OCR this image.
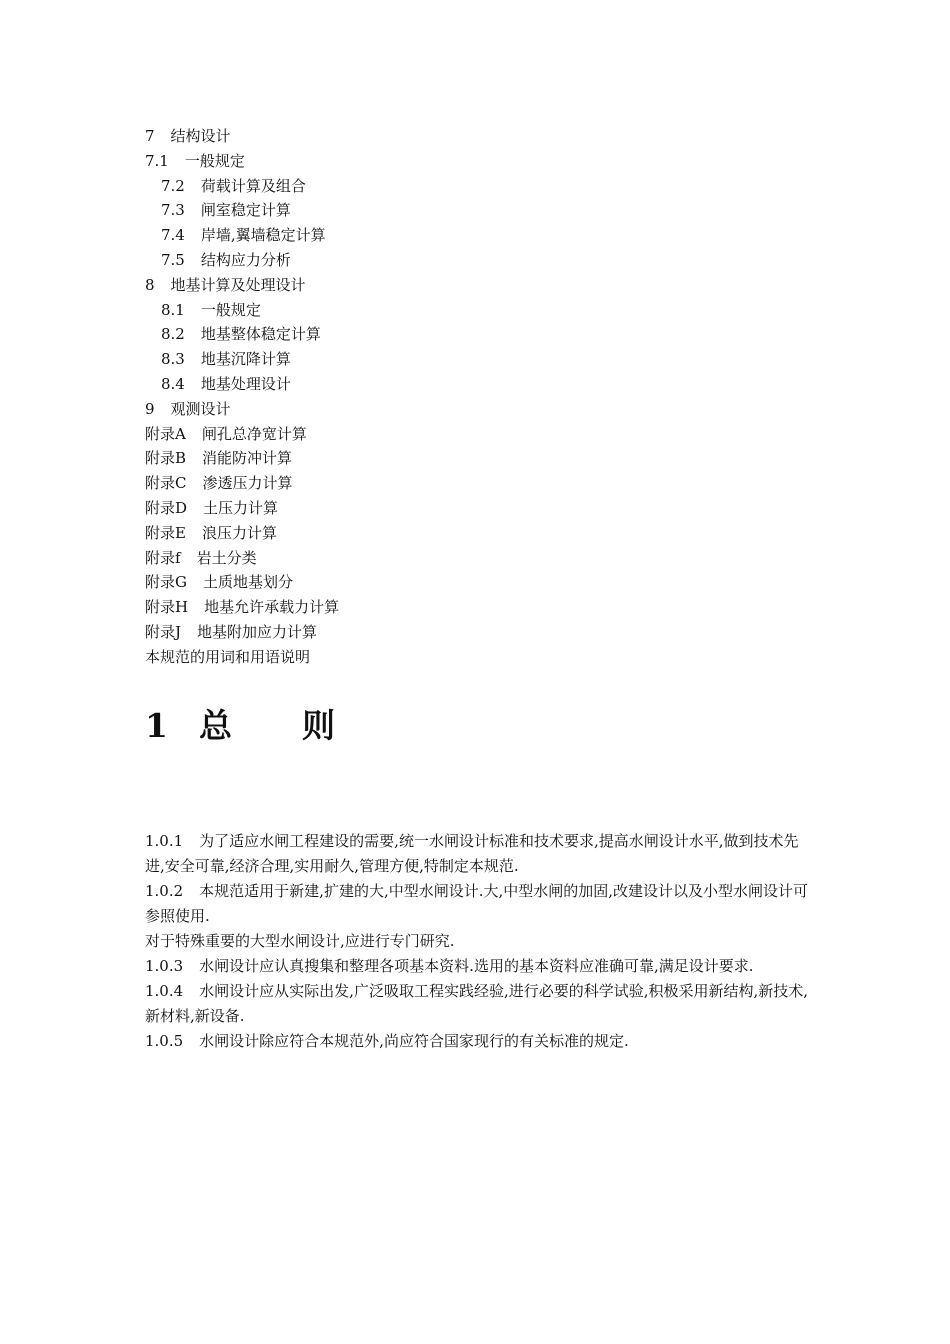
7 结构设计
7.1 一般规定
7.2 荷载计算及组合
7.3 闸室稳定计算
7.4 岸墙,翼墙稳定计算
7.5 结构应力分析
8 地基计算及处理设计
8.1 一般规定
8.2 地基整体稳定计算
8.3 地基沉降计算
8.4 地基处理设计
9 观测设计
附录A 闸孔总净宽计算
附录B 消能防冲计算
附录C 渗透压力计算
附录D 土压力计算
附录E 浪压力计算
附录f 岩土分类
附录G 土质地基划分
附录H 地基允许承载力计算
附录J 地基附加应力计算
本规范的用词和用语说明
1 总则

1.0.1 为了适应水闸工程建设的需要,统一水闸设计标准和技术要求,提高水闸设计水平,做到技术先进,安全可靠,经济合理,实用耐久,管理方便,特制定本规范.

1.0.2 本规范适用于新建,扩建的大,中型水闸设计.大,中型水闸的加固,改建设计以及小型水闸设计可参照使用.

对于特殊重要的大型水闸设计,应进行专门研究.

1.0.3 水闸设计应认真搜集和整理各项基本资料.选用的基本资料应准确可靠,满足设计要求.

1.0.4 水闸设计应从实际出发,广泛吸取工程实践经验,进行必要的科学试验,积极采用新结构,新技术,新材料,新设备.

1.0.5 水闸设计除应符合本规范外,尚应符合国家现行的有关标准的规定.
